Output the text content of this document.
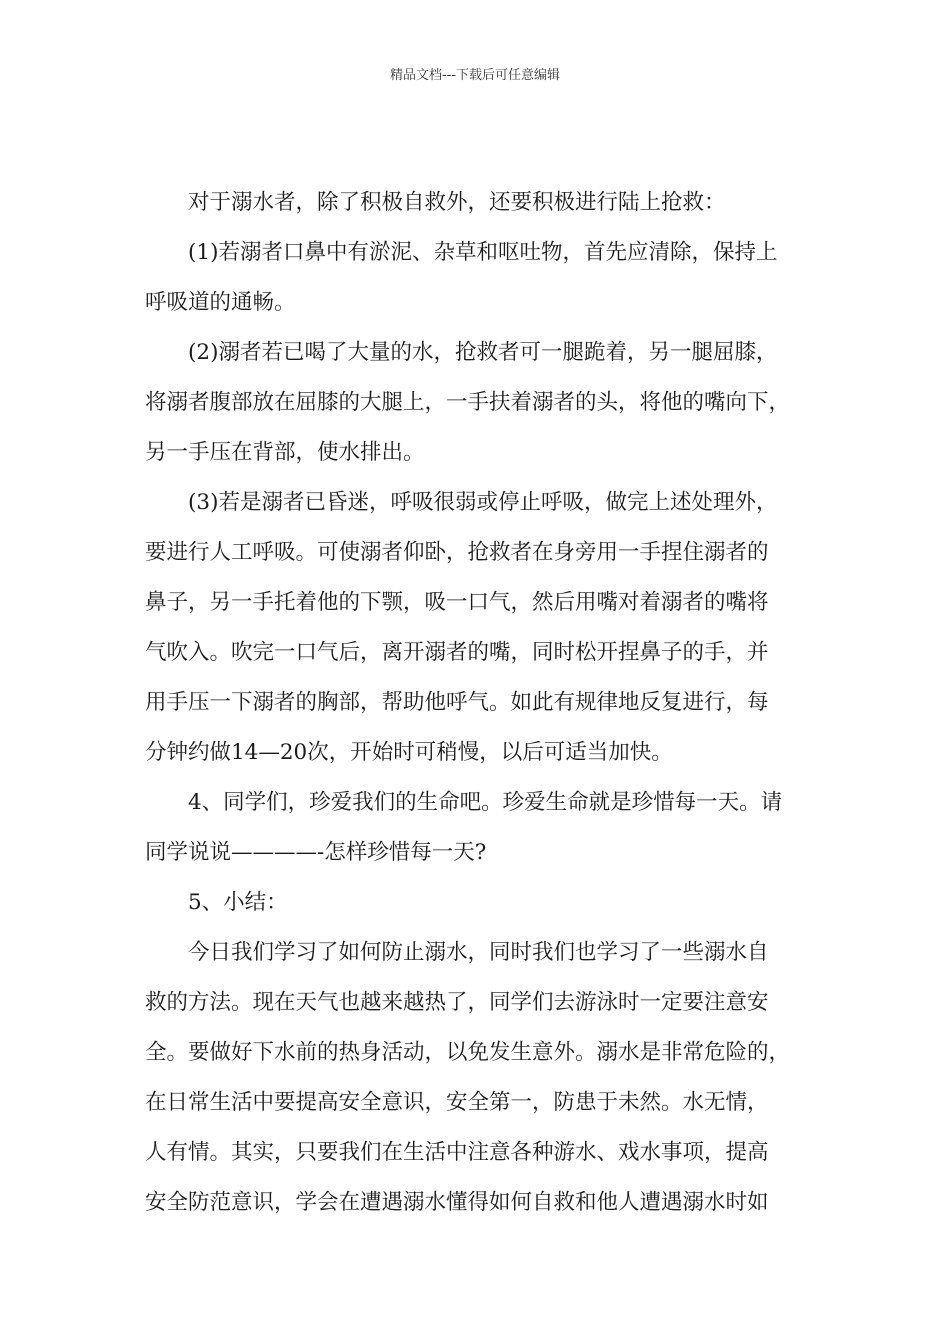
精品文档---下载后可任意编辑
对于溺水者，除了积极自救外，还要积极进行陆上抢救：
(1)若溺者口鼻中有淤泥、杂草和呕吐物，首先应清除，保持上
呼吸道的通畅。
(2)溺者若已喝了大量的水，抢救者可一腿跪着，另一腿屈膝，
将溺者腹部放在屈膝的大腿上，一手扶着溺者的头，将他的嘴向下，
另一手压在背部，使水排出。
(3)若是溺者已昏迷，呼吸很弱或停止呼吸，做完上述处理外，
要进行人工呼吸。可使溺者仰卧，抢救者在身旁用一手捏住溺者的
鼻子，另一手托着他的下颚，吸一口气，然后用嘴对着溺者的嘴将
气吹入。吹完一口气后，离开溺者的嘴，同时松开捏鼻子的手，并
用手压一下溺者的胸部，帮助他呼气。如此有规律地反复进行，每
分钟约做14—20次，开始时可稍慢，以后可适当加快。
4、同学们，珍爱我们的生命吧。珍爱生命就是珍惜每一天。请
同学说说————-怎样珍惜每一天?
5、小结：
今日我们学习了如何防止溺水，同时我们也学习了一些溺水自
救的方法。现在天气也越来越热了，同学们去游泳时一定要注意安
全。要做好下水前的热身活动，以免发生意外。溺水是非常危险的，
在日常生活中要提高安全意识，安全第一，防患于未然。水无情，
人有情。其实，只要我们在生活中注意各种游水、戏水事项，提高
安全防范意识，学会在遭遇溺水懂得如何自救和他人遭遇溺水时如
